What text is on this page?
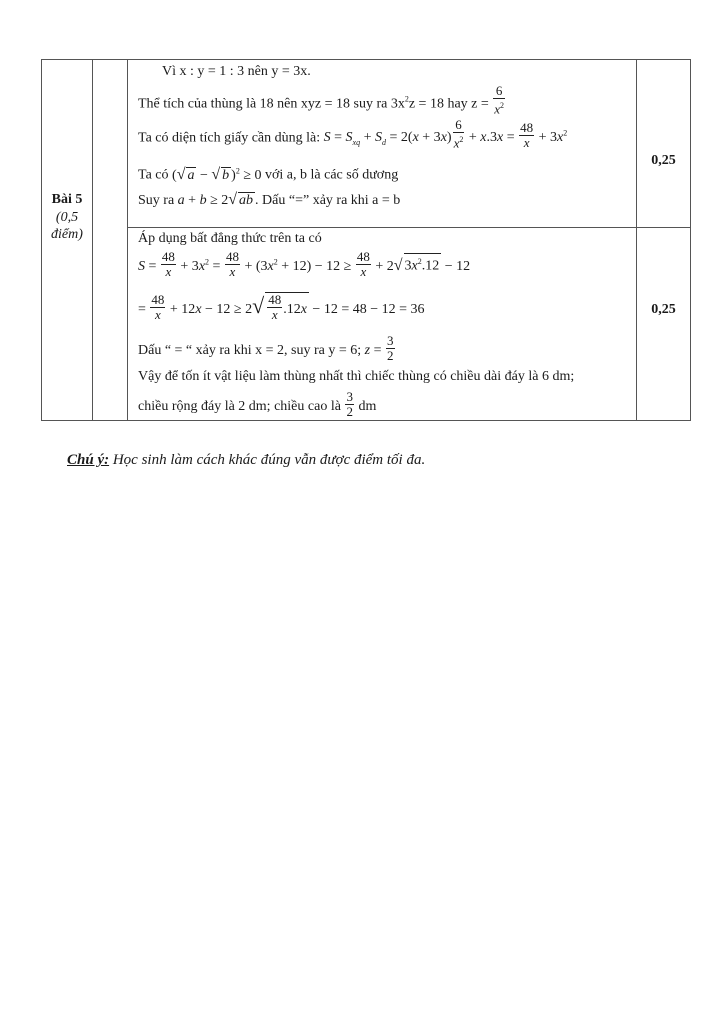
Bài 5
(0,5
điểm)
Vì x : y = 1 : 3 nên y = 3x.
Thể tích của thùng là 18 nên xyz = 18 suy ra $3x^2z = 18$ hay $z = \frac{6}{x^2}$
Ta có diện tích giấy cần dùng là: $S = S_{xq} + S_d = 2(x + 3x) \frac{6}{x^2} + x.3x = \frac{48}{x} + 3x^2$
Ta có (√ a − √ b )$^2$ ≥ 0 với a, b là các số dương
Suy ra a + b ≥ 2√ ab . Dấu “=” xảy ra khi a = b
0,25
Áp dụng bất đẳng thức trên ta có
$S = \frac{48}{x} + 3x^2 = \frac{48}{x} + (3x^2 + 12) - 12 \ge \frac{48}{x} + 2√$ $3x^2.12 - 12$
= $\frac{48}{x} + 12x - 12 \ge 2√ \frac{48}{x} .12x - 12 = 48 - 12 = 36$
Dấu “ = “ xảy ra khi x = 2, suy ra y = 6; $z = \frac{3}{2}$
Vậy để tốn ít vật liệu làm thùng nhất thì chiếc thùng có chiều dài đáy là 6 dm;
chiều rộng đáy là 2 dm; chiều cao là $\frac{3}{2}$ dm
0,25
Chú ý: Học sinh làm cách khác đúng vẫn được điểm tối đa.
